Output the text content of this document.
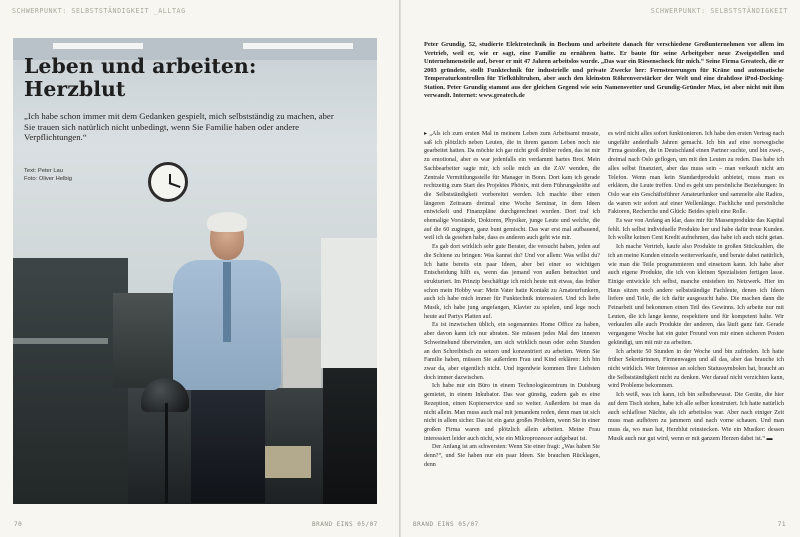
SCHWERPUNKT: SELBSTSTÄNDIGKEIT _ALLTAG
Leben und arbeiten: Herzblut

„Ich habe schon immer mit dem Gedanken gespielt, mich selbstständig zu machen, aber Sie trauen sich natürlich nicht unbedingt, wenn Sie Familie haben oder andere Verpflichtungen.“

Text: Peter Lau
Foto: Oliver Helbig
70	BRAND EINS 05/07
SCHWERPUNKT: SELBSTSTÄNDIGKEIT

Peter Grundig, 52, studierte Elektrotechnik in Bochum und arbeitete danach für verschiedene Großunternehmen vor allem im Vertrieb, weil er, wie er sagt, eine Familie zu ernähren hatte. Er baute für seine Arbeitgeber neue Zweigstellen und Unternehmensteile auf, bevor er mit 47 Jahren arbeitslos wurde. „Das war ein Riesenschock für mich.“ Seine Firma Greatech, die er 2003 gründete, stellt Funktechnik für industrielle und private Zwecke her: Fernsteuerungen für Kräne und automatische Temperaturkontrollen für Tiefkühltruhen, aber auch den kleinsten Röhrenverstärker der Welt und eine drahtlose iPod-Docking-Station. Peter Grundig stammt aus der gleichen Gegend wie sein Namensvetter und Grundig-Gründer Max, ist aber nicht mit ihm verwandt. Internet: www.greatech.de

▸ „Als ich zum ersten Mal in meinem Leben zum Arbeitsamt musste, saß ich plötzlich neben Leuten, die in ihrem ganzen Leben noch nie gearbeitet hatten. Da möchte ich gar nicht groß drüber reden, das ist mir zu emotional, aber es war jedenfalls ein verdammt hartes Brot. Mein Sachbearbeiter sagte mir, ich solle mich an die ZAV wenden, die Zentrale Vermittlungsstelle für Manager in Bonn. Dort kam ich gerade rechtzeitig zum Start des Projektes Phönix, mit dem Führungskräfte auf die Selbstständigkeit vorbereitet werden. Ich machte über einen längeren Zeitraum dreimal eine Woche Seminar, in dem Ideen entwickelt und Finanzpläne durchgerechnet wurden. Dort traf ich ehemalige Vorstände, Doktoren, Physiker, junge Leute und welche, die auf die 60 zugingen, ganz bunt gemischt. Das war erst mal aufbauend, weil ich da gesehen habe, dass es anderen auch geht wie mir.

Es gab dort wirklich sehr gute Berater, die versucht haben, jeden auf die Schiene zu bringen: Was kannst du? Und vor allem: Was willst du? Ich hatte bereits ein paar Ideen, aber bei einer so wichtigen Entscheidung hilft es, wenn das jemand von außen betrachtet und strukturiert. Im Prinzip beschäftige ich mich heute mit etwas, das früher schon mein Hobby war: Mein Vater hatte Kontakt zu Amateurfunkern, auch ich habe mich immer für Funktechnik interessiert. Und ich liebe Musik, ich habe jung angefangen, Klavier zu spielen, und lege noch heute auf Partys Platten auf.

Es ist inzwischen üblich, ein sogenanntes Home Office zu haben, aber davon kann ich nur abraten. Sie müssen jedes Mal den inneren Schweinehund überwinden, um sich wirklich neun oder zehn Stunden an den Schreibtisch zu setzen und konzentriert zu arbeiten. Wenn Sie Familie haben, müssen Sie außerdem Frau und Kind erklären: Ich bin zwar da, aber eigentlich nicht. Und irgendwie kommen Ihre Liebsten doch immer dazwischen.

Ich habe mir ein Büro in einem Technologiezentrum in Duisburg gemietet, in einem Inkubator. Das war günstig, zudem gab es eine Rezeption, einen Kopierservice und so weiter. Außerdem ist man da nicht allein. Man muss auch mal mit jemandem reden, denn man ist sich nicht in allem sicher. Das ist ein ganz großes Problem, wenn Sie in einer großen Firma waren und plötzlich allein arbeiten. Meine Frau interessiert leider auch nicht, wie ein Mikroprozessor aufgebaut ist.

Der Anfang ist am schwersten: Wenn Sie einer fragt: „Was haben Sie denn?“, und Sie haben nur ein paar Ideen. Sie brauchen Rücklagen, denn

es wird nicht alles sofort funktionieren. Ich habe den ersten Vertrag nach ungefähr anderthalb Jahren gemacht. Ich bin auf eine norwegische Firma gestoßen, die in Deutschland einen Partner suchte, und bin zwei-, dreimal nach Oslo geflogen, um mit den Leuten zu reden. Das habe ich alles selbst finanziert, aber das muss sein – man verkauft nicht am Telefon. Wenn man kein Standardprodukt anbietet, muss man es erklären, die Leute treffen. Und es geht um persönliche Beziehungen: In Oslo war ein Geschäftsführer Amateurfunker und sammelte alte Radios, da waren wir sofort auf einer Wellenlänge. Fachliche und persönliche Faktoren, Recherche und Glück: Beides spielt eine Rolle.

Es war von Anfang an klar, dass mir für Massenprodukte das Kapital fehlt. Ich selbst individuelle Produkte her und habe dafür treue Kunden. Ich wollte keinen Cent Kredit aufnehmen, das habe ich auch nicht getan.

Ich mache Vertrieb, kaufe also Produkte in großen Stückzahlen, die ich an meine Kunden einzeln weiterverkaufe, und berate dabei natürlich, wie man die Teile programmieren und einsetzen kann. Ich habe aber auch eigene Produkte, die ich von kleinen Spezialisten fertigen lasse. Einige entwickle ich selbst, manche entstehen im Netzwerk. Hier im Haus sitzen noch andere selbstständige Fachleute, denen ich Ideen liefere und Teile, die ich dafür ausgesucht habe. Die machen dann die Feinarbeit und bekommen einen Teil des Gewinns. Ich arbeite nur mit Leuten, die ich lange kenne, respektiere und für kompetent halte. Wir verkaufen alle auch Produkte der anderen, das läuft ganz fair. Gerade vergangene Woche hat ein guter Freund von mir einen sicheren Posten gekündigt, um mit mir zu arbeiten.

Ich arbeite 50 Stunden in der Woche und bin zufrieden. Ich hatte früher Sekretärinnen, Firmenwagen und all das, aber das brauche ich nicht wirklich. Wer Interesse an solchen Statussymbolen hat, braucht an die Selbstständigkeit nicht zu denken. Wer darauf nicht verzichten kann, wird Probleme bekommen.

Ich weiß, was ich kann, ich bin selbstbewusst. Die Geräte, die hier auf dem Tisch stehen, habe ich alle selber konstruiert. Ich hatte natürlich auch schlaflose Nächte, als ich arbeitslos war. Aber nach einiger Zeit muss man aufhören zu jammern und nach vorne schauen. Und man muss da, wo man hat, Herzblut reinstecken. Wie ein Musiker: dessen Musik auch nur gut wird, wenn er mit ganzem Herzen dabei ist.“ ▬

BRAND EINS 05/07	71
